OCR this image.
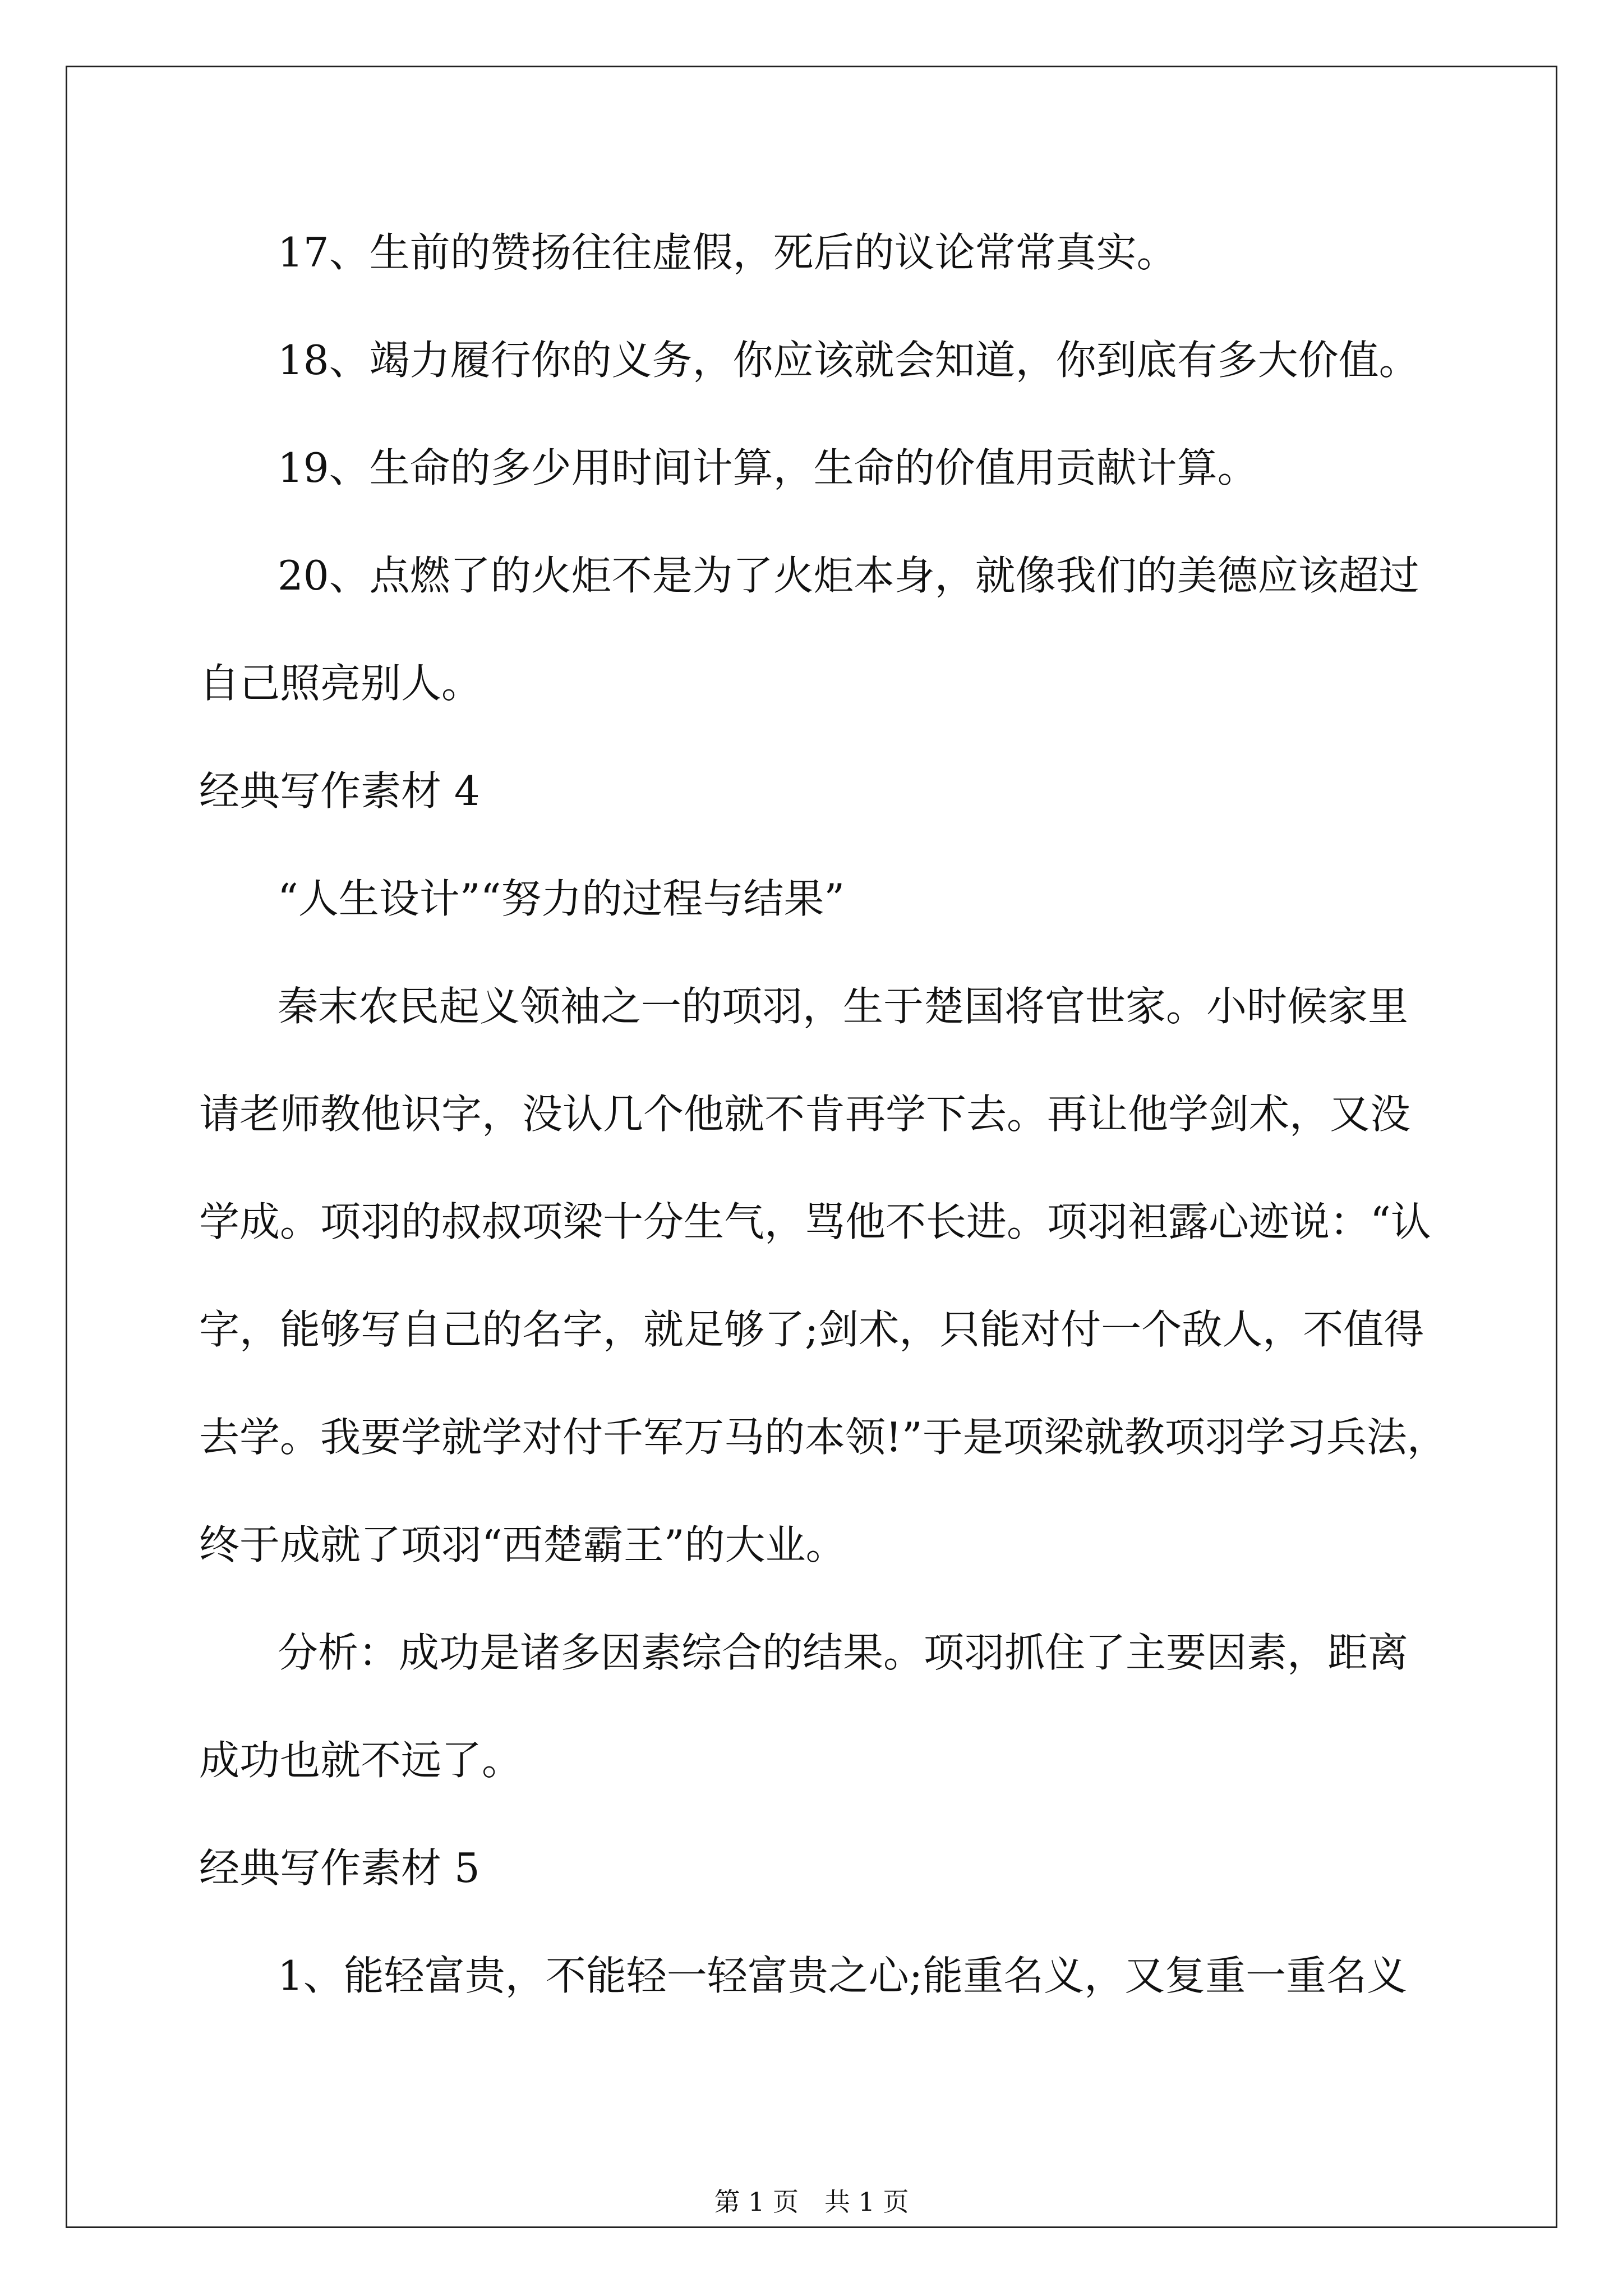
17、生前的赞扬往往虚假，死后的议论常常真实。

18、竭力履行你的义务，你应该就会知道，你到底有多大价值。

19、生命的多少用时间计算，生命的价值用贡献计算。

20、点燃了的火炬不是为了火炬本身，就像我们的美德应该超过

自己照亮别人。

经典写作素材 4

“人生设计”“努力的过程与结果”

秦末农民起义领袖之一的项羽，生于楚国将官世家。小时候家里

请老师教他识字，没认几个他就不肯再学下去。再让他学剑术，又没

学成。项羽的叔叔项梁十分生气，骂他不长进。项羽袒露心迹说：“认

字，能够写自己的名字，就足够了;剑术，只能对付一个敌人，不值得

去学。我要学就学对付千军万马的本领!”于是项梁就教项羽学习兵法，

终于成就了项羽“西楚霸王”的大业。

分析：成功是诸多因素综合的结果。项羽抓住了主要因素，距离

成功也就不远了。

经典写作素材 5

1、能轻富贵，不能轻一轻富贵之心;能重名义，又复重一重名义

第 1 页　共 1 页
